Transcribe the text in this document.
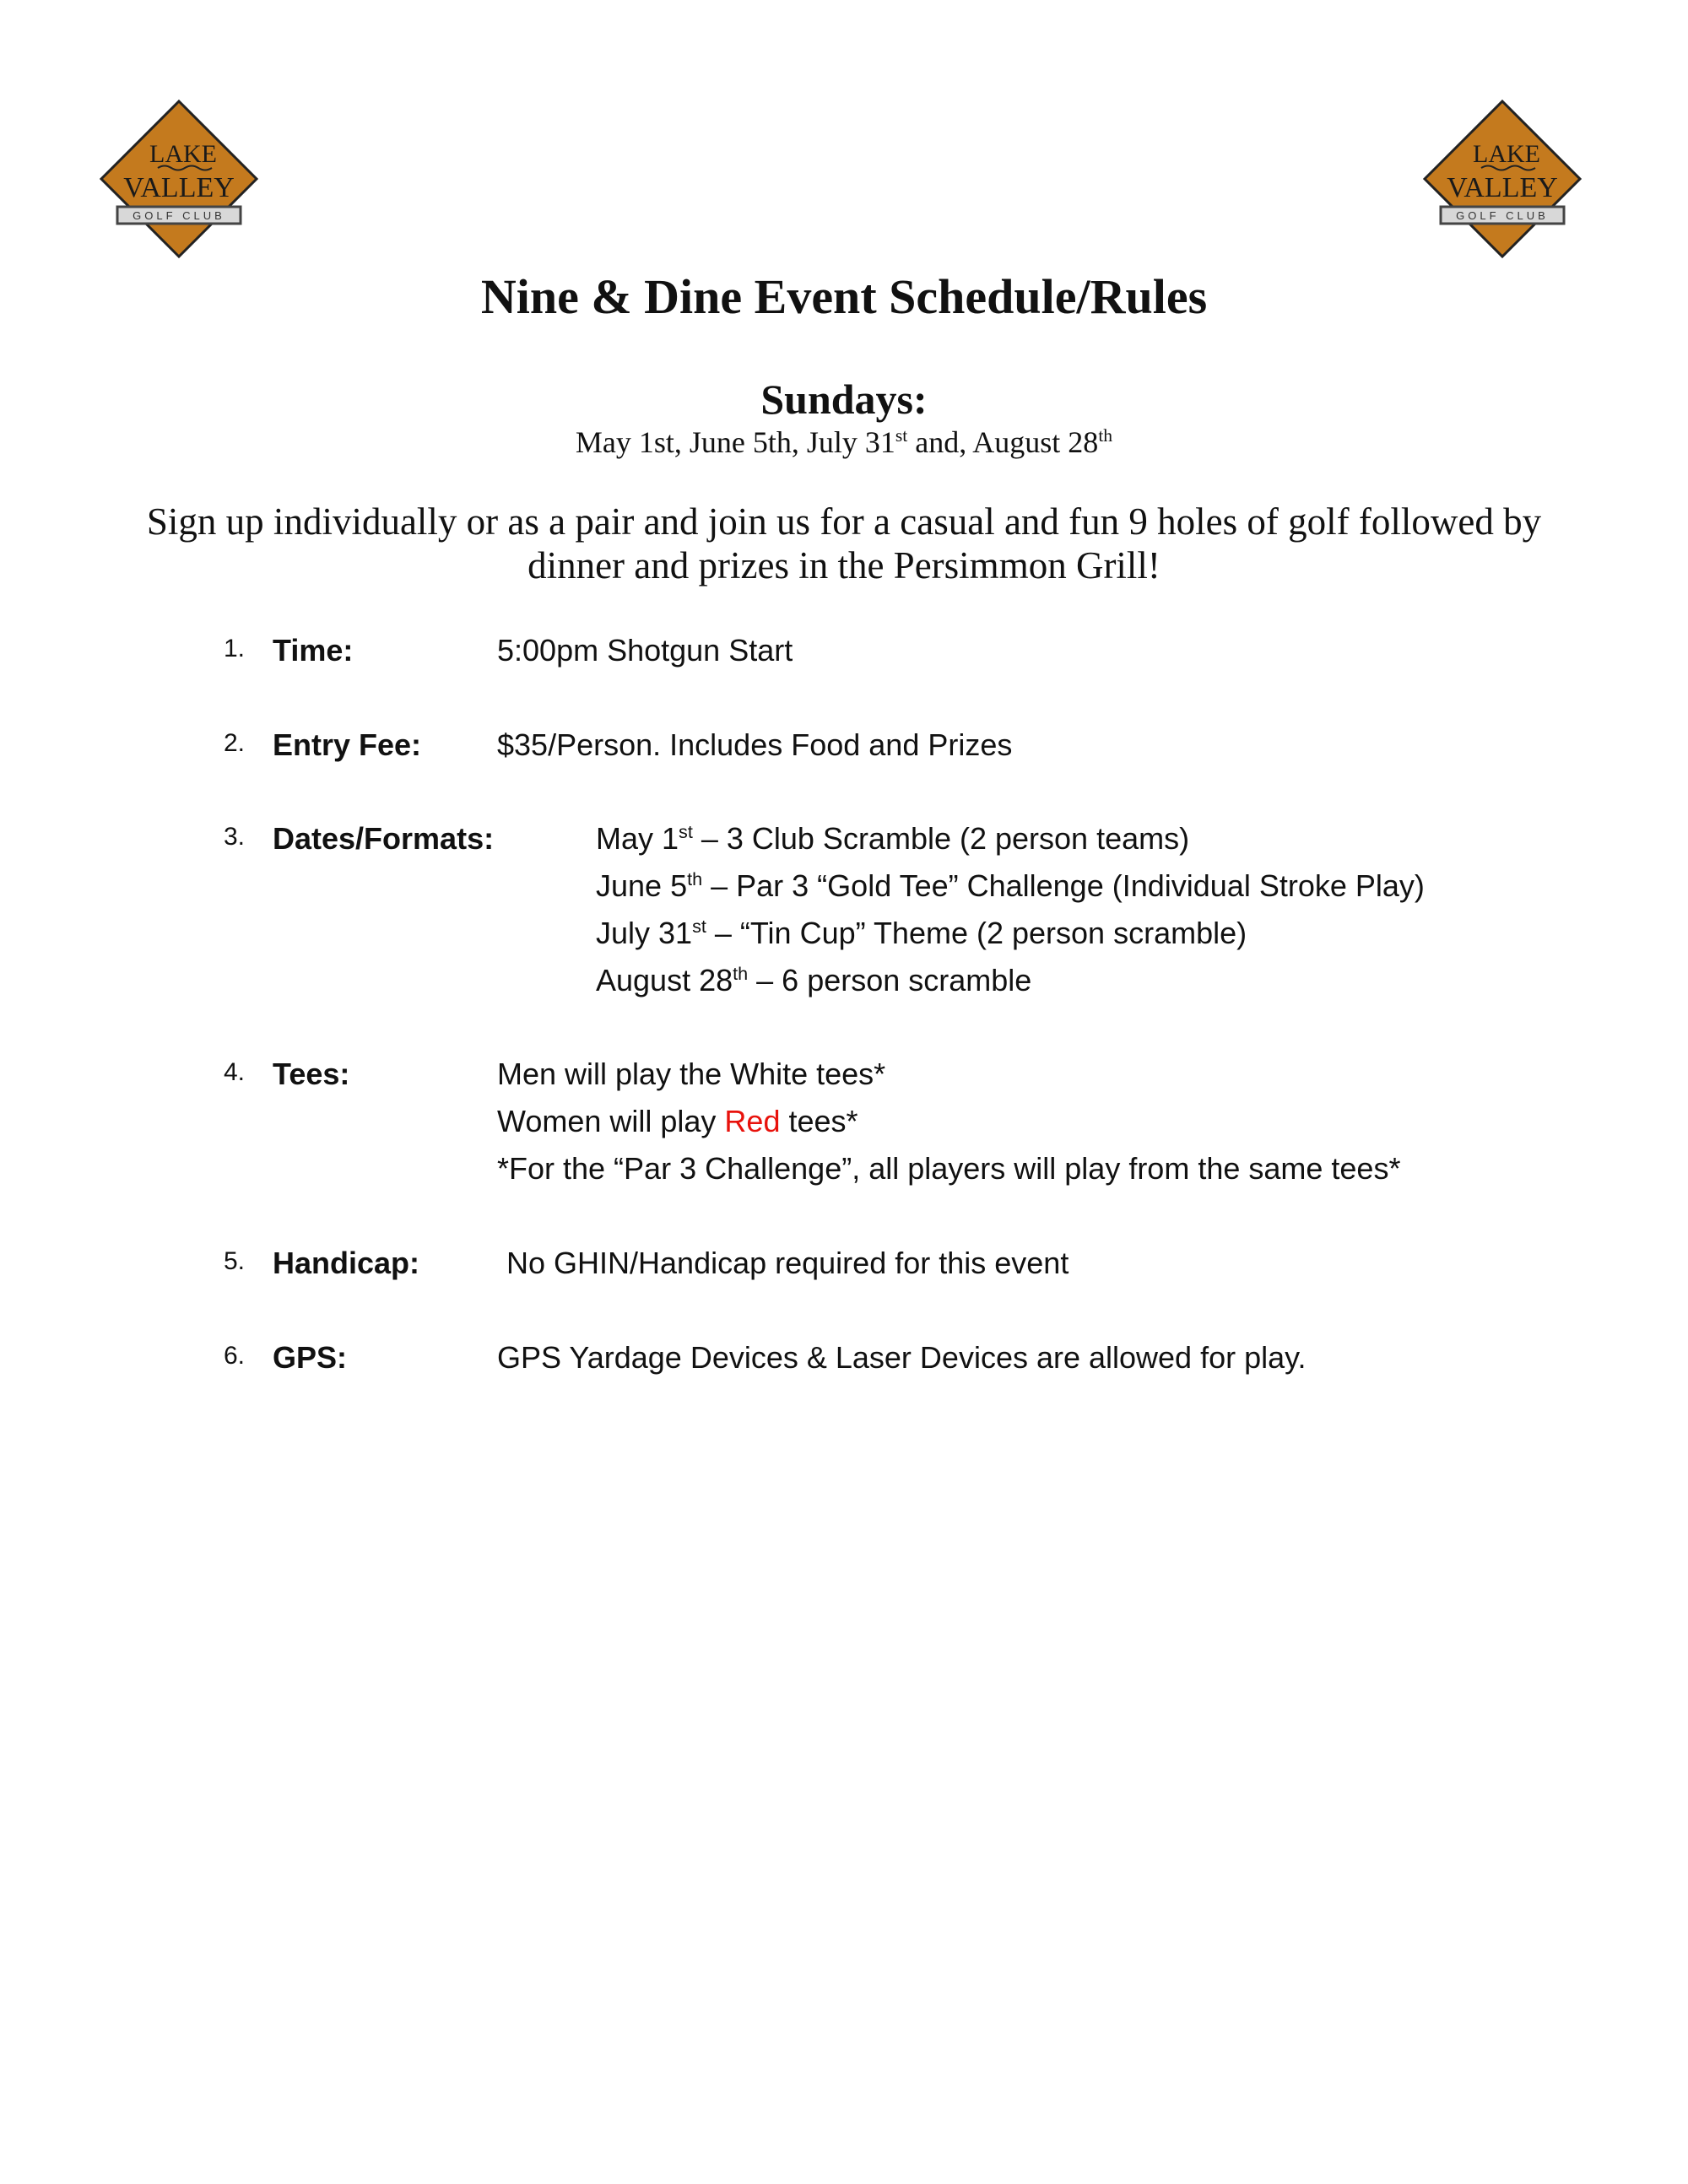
LAKE
VALLEY
GOLF CLUB
LAKE
VALLEY
GOLF CLUB
Nine & Dine Event Schedule/Rules
Sundays:
May 1st, June 5th, July 31st and, August 28th
Sign up individually or as a pair and join us for a casual and fun 9 holes of golf followed by dinner and prizes in the Persimmon Grill!
1. Time:	5:00pm Shotgun Start
2. Entry Fee: $35/Person. Includes Food and Prizes
3. Dates/Formats:	May 1st – 3 Club Scramble (2 person teams)
June 5th – Par 3 “Gold Tee” Challenge (Individual Stroke Play)
July 31st – “Tin Cup” Theme (2 person scramble)
August 28th – 6 person scramble
4. Tees:	Men will play the White tees*
Women will play Red tees*
*For the “Par 3 Challenge”, all players will play from the same tees*
5. Handicap:	No GHIN/Handicap required for this event
6. GPS:	GPS Yardage Devices & Laser Devices are allowed for play.
